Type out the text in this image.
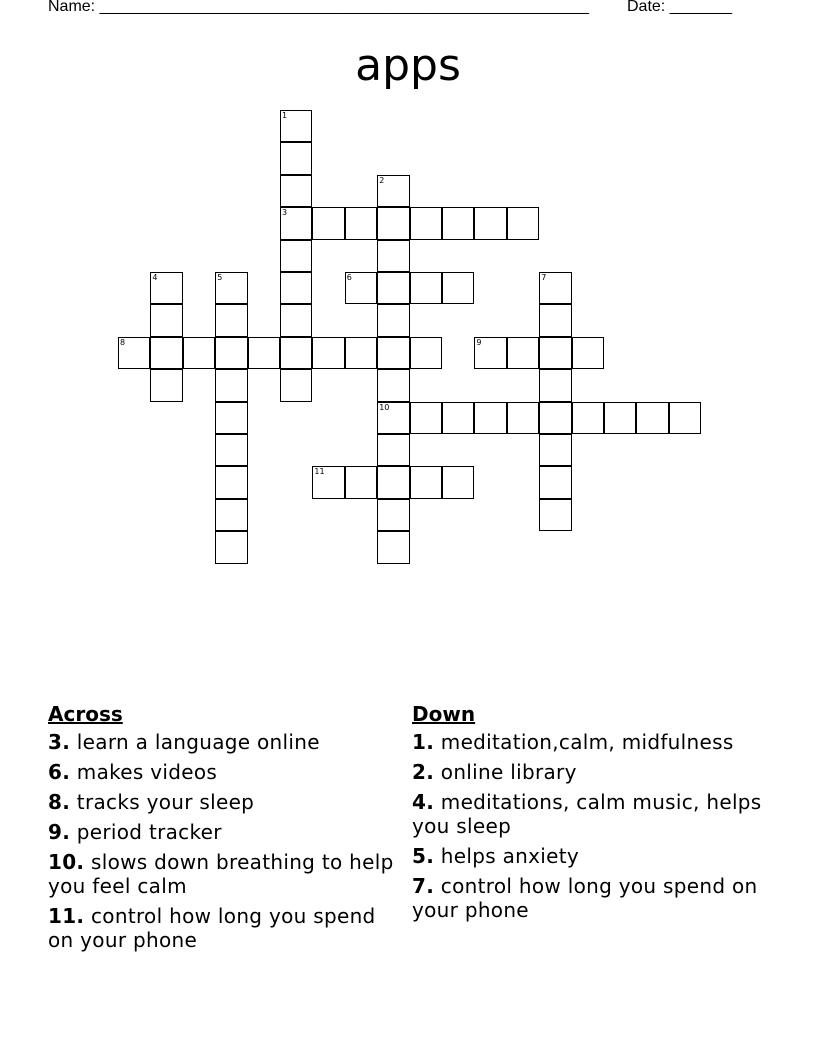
Name: _______________________________________________________ Date: _______
apps
1
3
2
10
4	5	6	7
8	9
11
Across
3. learn a language online
6. makes videos
8. tracks your sleep
9. period tracker
10. slows down breathing to help you feel calm
11. control how long you spend on your phone
Down
1. meditation,calm, midfulness
2. online library
4. meditations, calm music, helps you sleep
5. helps anxiety
7. control how long you spend on your phone
